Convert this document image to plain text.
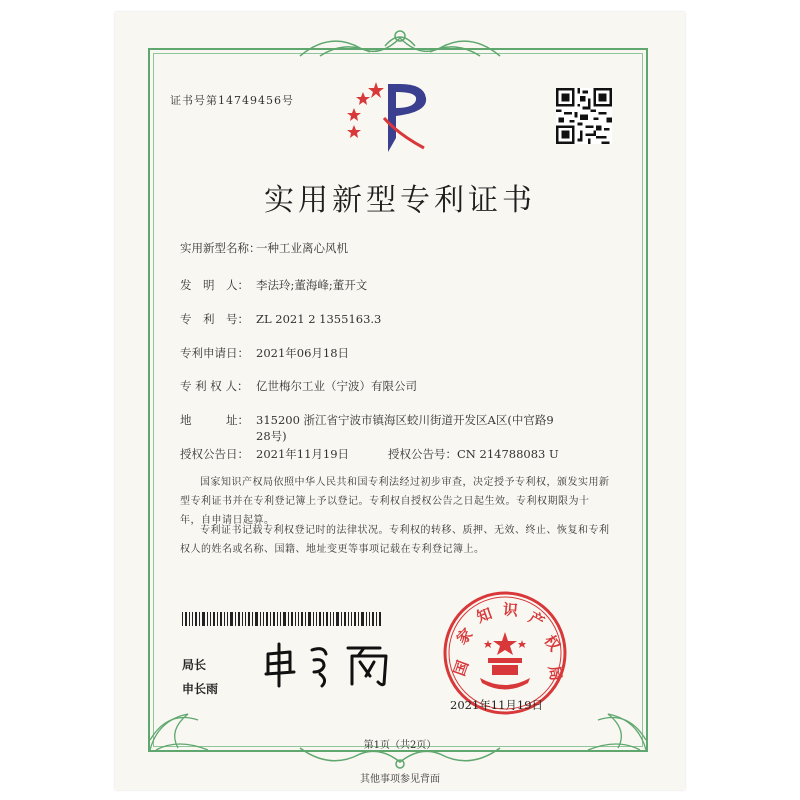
证书号第14749456号
实用新型专利证书
实用新型名称：一种工业离心风机
发　明　人： 李法玲;董海峰;董开文
专　利　号： ZL 2021 2 1355163.3
专利申请日： 2021年06月18日
专 利 权 人： 亿世梅尔工业（宁波）有限公司
地　　　址： 315200 浙江省宁波市镇海区蛟川街道开发区A区(中官路9
28号)
授权公告日： 2021年11月19日	授权公告号：CN 214788083 U
国家知识产权局依照中华人民共和国专利法经过初步审查，决定授予专利权，颁发实用新型专利证书并在专利登记簿上予以登记。专利权自授权公告之日起生效。专利权期限为十年，自申请日起算。
专利证书记载专利权登记时的法律状况。专利权的转移、质押、无效、终止、恢复和专利权人的姓名或名称、国籍、地址变更等事项记载在专利登记簿上。
局长
申长雨
国
家
知 识 产
权
局
2021年11月19日
第1页（共2页）
其他事项参见背面
